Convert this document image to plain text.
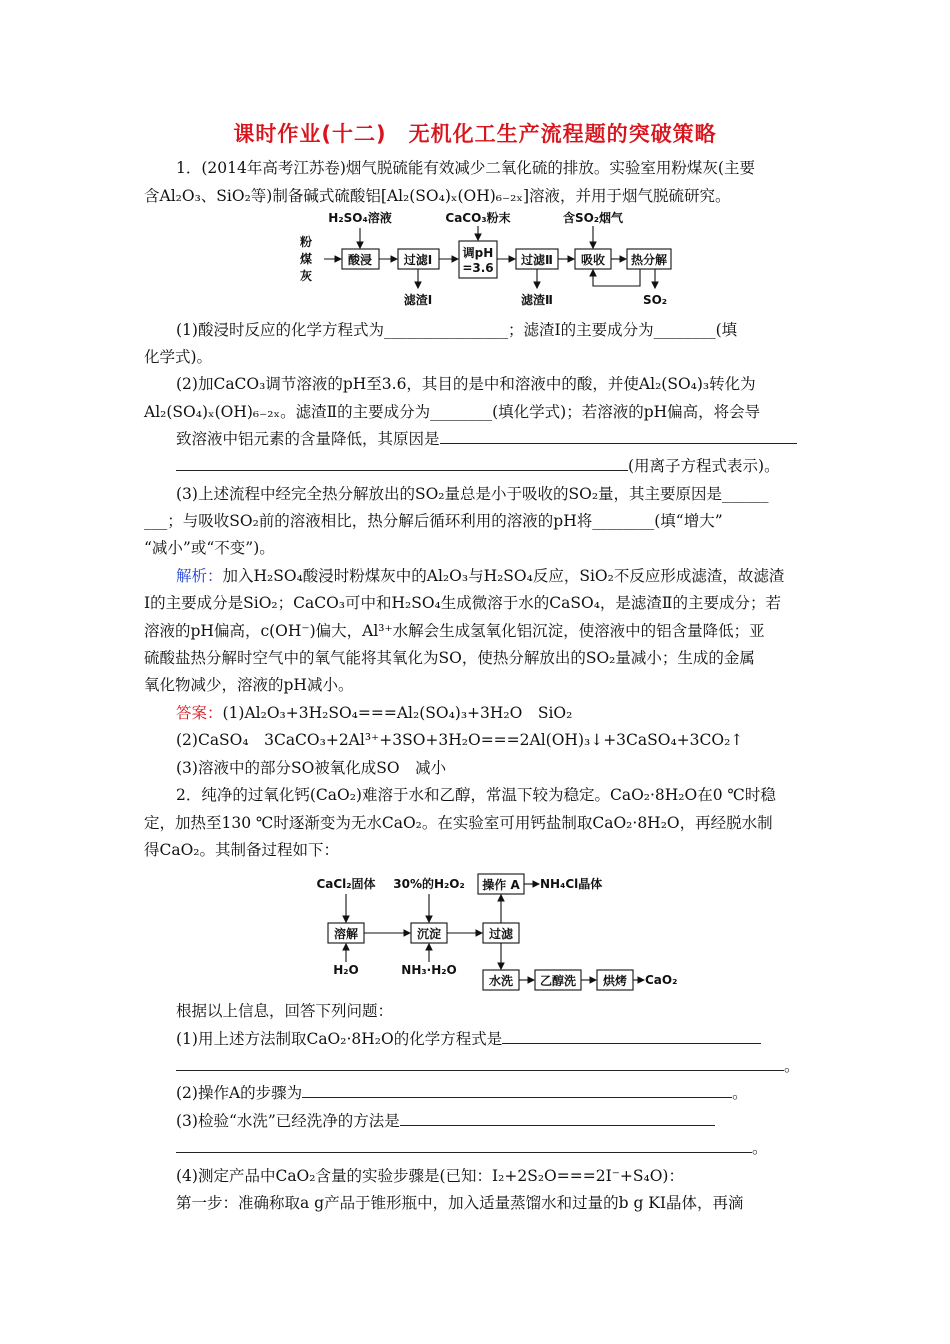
课时作业(十二)　无机化工生产流程题的突破策略
1．(2014年高考江苏卷)烟气脱硫能有效减少二氧化硫的排放。实验室用粉煤灰(主要
含Al₂O₃、SiO₂等)制备碱式硫酸铝[Al₂(SO₄)ₓ(OH)₆₋₂ₓ]溶液，并用于烟气脱硫研究。
粉
煤
灰
H₂SO₄溶液	CaCO₃粉末	含SO₂烟气
酸浸	过滤Ⅰ	调pH
=3.6
过滤Ⅱ 吸收 热分解
滤渣Ⅰ	滤渣Ⅱ	SO₂
(1)酸浸时反应的化学方程式为________________；滤渣Ⅰ的主要成分为________(填
化学式)。
(2)加CaCO₃调节溶液的pH至3.6，其目的是中和溶液中的酸，并使Al₂(SO₄)₃转化为
Al₂(SO₄)ₓ(OH)₆₋₂ₓ。滤渣Ⅱ的主要成分为________(填化学式)；若溶液的pH偏高，将会导
致溶液中铝元素的含量降低，其原因是
(用离子方程式表示)。
(3)上述流程中经完全热分解放出的SO₂量总是小于吸收的SO₂量，其主要原因是______
___；与吸收SO₂前的溶液相比，热分解后循环利用的溶液的pH将________(填“增大”
“减小”或“不变”)。
解析：加入H₂SO₄酸浸时粉煤灰中的Al₂O₃与H₂SO₄反应，SiO₂不反应形成滤渣，故滤渣
Ⅰ的主要成分是SiO₂；CaCO₃可中和H₂SO₄生成微溶于水的CaSO₄，是滤渣Ⅱ的主要成分；若
溶液的pH偏高，c(OH⁻)偏大，Al³⁺水解会生成氢氧化铝沉淀，使溶液中的铝含量降低；亚
硫酸盐热分解时空气中的氧气能将其氧化为SO，使热分解放出的SO₂量减小；生成的金属
氧化物减少，溶液的pH减小。
答案：(1)Al₂O₃+3H₂SO₄===Al₂(SO₄)₃+3H₂O　SiO₂
(2)CaSO₄　3CaCO₃+2Al³⁺+3SO+3H₂O===2Al(OH)₃↓+3CaSO₄+3CO₂↑
(3)溶液中的部分SO被氧化成SO　减小
2．纯净的过氧化钙(CaO₂)难溶于水和乙醇，常温下较为稳定。CaO₂·8H₂O在0 ℃时稳
定，加热至130 ℃时逐渐变为无水CaO₂。在实验室可用钙盐制取CaO₂·8H₂O，再经脱水制
得CaO₂。其制备过程如下：
CaCl₂固体 30%的H₂O₂
H₂O	NH₃·H₂O
溶解	沉淀	过滤
操作 A
水洗 乙醇洗 烘烤
NH₄Cl晶体
CaO₂
根据以上信息，回答下列问题：
(1)用上述方法制取CaO₂·8H₂O的化学方程式是
。
(2)操作A的步骤为	。
(3)检验“水洗”已经洗净的方法是
。
(4)测定产品中CaO₂含量的实验步骤是(已知：I₂+2S₂O===2I⁻+S₄O)：
第一步：准确称取a g产品于锥形瓶中，加入适量蒸馏水和过量的b g KI晶体，再滴
